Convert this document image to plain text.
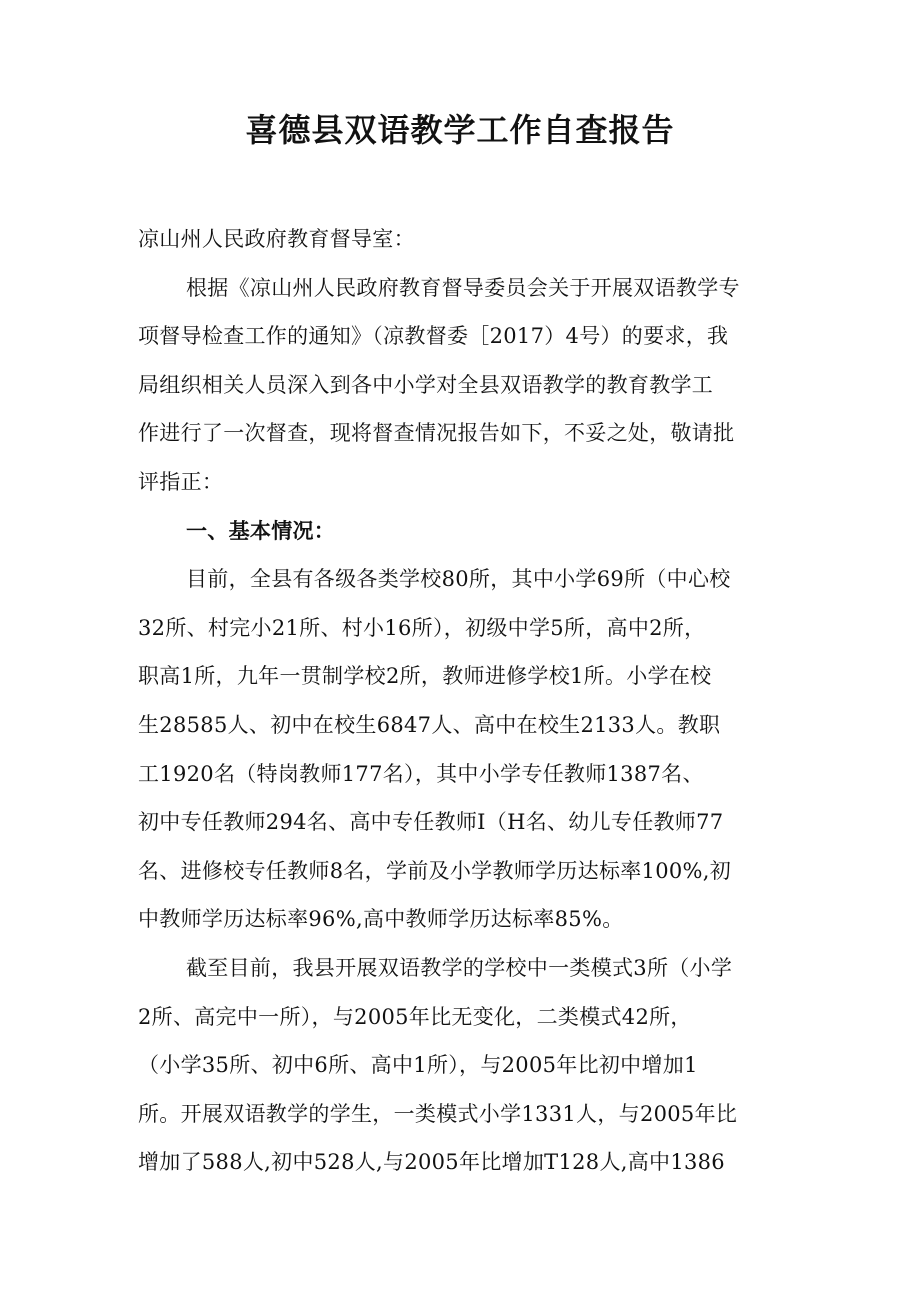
喜德县双语教学工作自查报告
凉山州人民政府教育督导室：
根据《凉山州人民政府教育督导委员会关于开展双语教学专
项督导检查工作的通知》（凉教督委［2017）4号）的要求，我
局组织相关人员深入到各中小学对全县双语教学的教育教学工
作进行了一次督查，现将督查情况报告如下，不妥之处，敬请批
评指正：
一、基本情况：
目前，全县有各级各类学校80所，其中小学69所（中心校
32所、村完小21所、村小16所），初级中学5所，高中2所，
职高1所，九年一贯制学校2所，教师进修学校1所。小学在校
生28585人、初中在校生6847人、高中在校生2133人。教职
工1920名（特岗教师177名），其中小学专任教师1387名、
初中专任教师294名、高中专任教师I（H名、幼儿专任教师77
名、进修校专任教师8名，学前及小学教师学历达标率100%,初
中教师学历达标率96%,高中教师学历达标率85%。
截至目前，我县开展双语教学的学校中一类模式3所（小学
2所、高完中一所），与2005年比无变化，二类模式42所，
（小学35所、初中6所、高中1所），与2005年比初中增加1
所。开展双语教学的学生，一类模式小学1331人，与2005年比
增加了588人,初中528人,与2005年比增加T128人,高中1386
